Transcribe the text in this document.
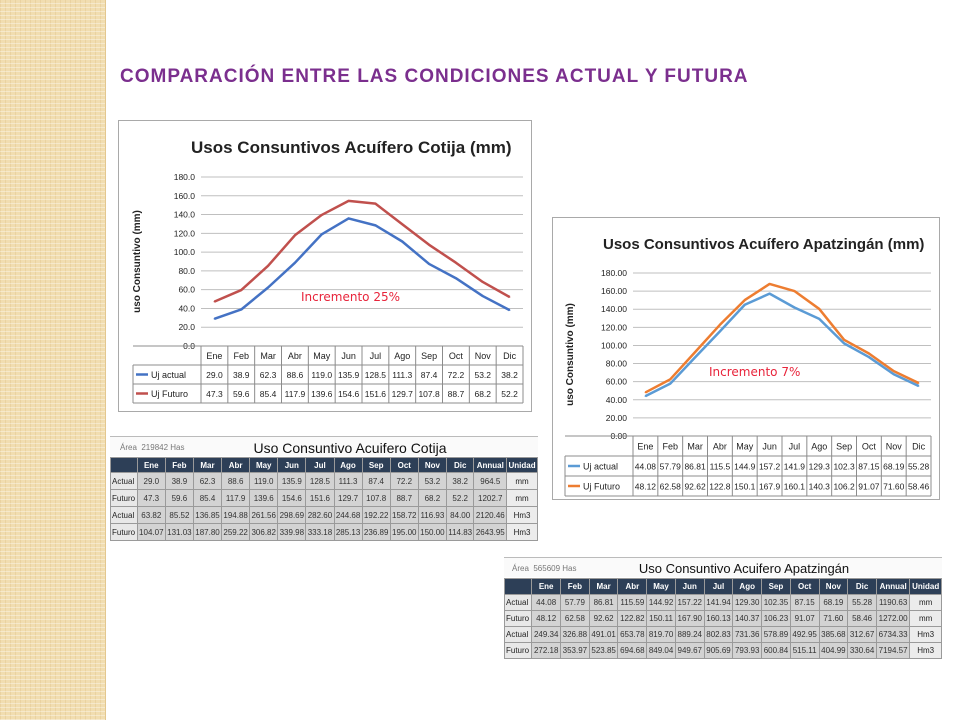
COMPARACIÓN ENTRE LAS CONDICIONES ACTUAL Y FUTURA
Usos Consuntivos Acuífero Cotija (mm)
uso Consuntivo (mm)
0.0
20.0
40.0
60.0
80.0
100.0
120.0
140.0
160.0
180.0
Ene Feb Mar Abr May Jun Jul Ago Sep Oct Nov Dic
Uj actual 29.0 38.9 62.3 88.6 119.0 135.9 128.5 111.3 87.4 72.2 53.2 38.2
Uj Futuro 47.3 59.6 85.4 117.9 139.6 154.6 151.6 129.7 107.8 88.7 68.2 52.2
Incremento 25%
Usos Consuntivos Acuífero Apatzingán (mm)
uso Consuntivo (mm)
0.00
20.00
40.00
60.00
80.00
100.00
120.00
140.00
160.00
180.00
Ene Feb Mar Abr May Jun Jul Ago Sep Oct Nov Dic
Uj actual 44.08 57.79 86.81 115.5 144.9 157.2 141.9 129.3 102.3 87.15 68.19 55.28
Uj Futuro 48.12 62.58 92.62 122.8 150.1 167.9 160.1 140.3 106.2 91.07 71.60 58.46
Incremento 7%
Área 219842 Has	Uso Consuntivo Acuifero Cotija
	Ene	Feb	Mar	Abr	May	Jun	Jul	Ago	Sep	Oct	Nov	Dic	Annual	Unidad
Actual	29.0	38.9	62.3	88.6	119.0	135.9	128.5	111.3	87.4	72.2	53.2	38.2	964.5	mm
Futuro	47.3	59.6	85.4	117.9	139.6	154.6	151.6	129.7	107.8	88.7	68.2	52.2	1202.7	mm
Actual	63.82	85.52	136.85	194.88	261.56	298.69	282.60	244.68	192.22	158.72	116.93	84.00	2120.46	Hm3
Futuro	104.07	131.03	187.80	259.22	306.82	339.98	333.18	285.13	236.89	195.00	150.00	114.83	2643.95	Hm3
Área 565609 Has	Uso Consuntivo Acuifero Apatzingán
	Ene	Feb	Mar	Abr	May	Jun	Jul	Ago	Sep	Oct	Nov	Dic	Annual	Unidad
Actual	44.08	57.79	86.81	115.59	144.92	157.22	141.94	129.30	102.35	87.15	68.19	55.28	1190.63	mm
Futuro	48.12	62.58	92.62	122.82	150.11	167.90	160.13	140.37	106.23	91.07	71.60	58.46	1272.00	mm
Actual	249.34	326.88	491.01	653.78	819.70	889.24	802.83	731.36	578.89	492.95	385.68	312.67	6734.33	Hm3
Futuro	272.18	353.97	523.85	694.68	849.04	949.67	905.69	793.93	600.84	515.11	404.99	330.64	7194.57	Hm3
